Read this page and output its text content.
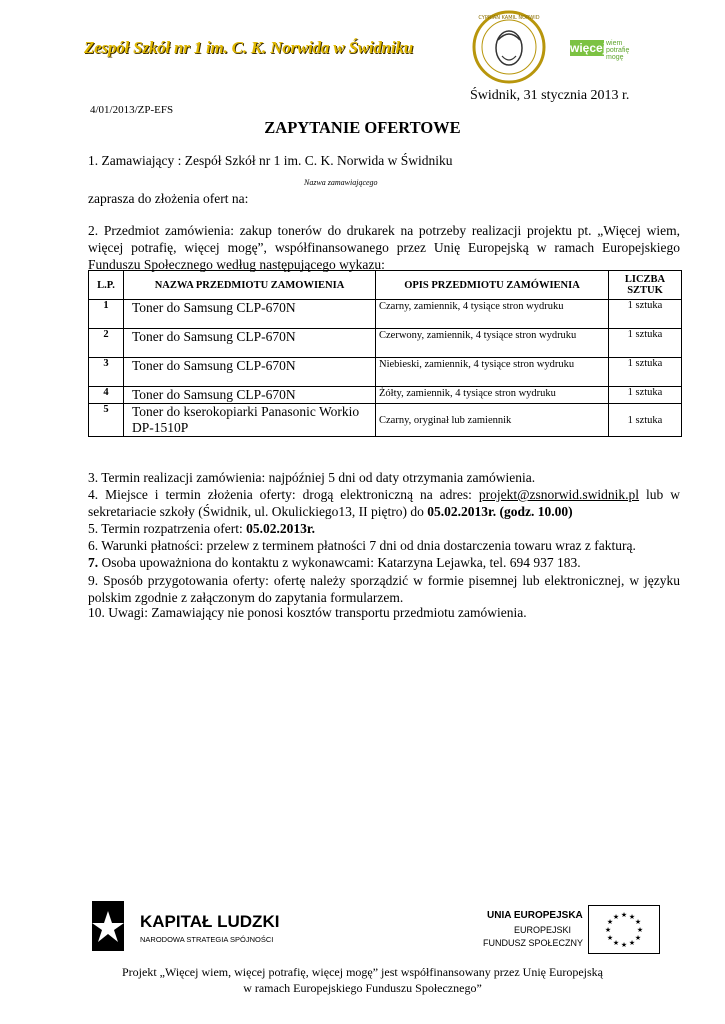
Zespół Szkół nr 1 im. C. K. Norwida w Świdniku
CYPRIAN KAMIL NORWID
więcej wiem
potrafię
mogę
Świdnik, 31 stycznia 2013 r.
4/01/2013/ZP-EFS
ZAPYTANIE OFERTOWE
1. Zamawiający : Zespół Szkół nr 1 im. C. K. Norwida w Świdniku
Nazwa zamawiającego
zaprasza do złożenia ofert na:
2. Przedmiot zamówienia: zakup tonerów do drukarek na potrzeby realizacji projektu pt. „Więcej wiem, więcej potrafię, więcej mogę”, współfinansowanego przez Unię Europejską w ramach Europejskiego Funduszu Społecznego według następującego wykazu:
L.P.	NAZWA PRZEDMIOTU ZAMOWIENIA	OPIS PRZEDMIOTU ZAMÓWIENIA	LICZBA SZTUK
1	Toner do Samsung CLP-670N	Czarny, zamiennik, 4 tysiące stron wydruku	1 sztuka
2	Toner do Samsung CLP-670N	Czerwony, zamiennik, 4 tysiące stron wydruku	1 sztuka
3	Toner do Samsung CLP-670N	Niebieski, zamiennik, 4 tysiące stron wydruku	1 sztuka
4	Toner do Samsung CLP-670N	Żółty, zamiennik, 4 tysiące stron wydruku	1 sztuka
5	Toner do kserokopiarki Panasonic Workio DP-1510P	Czarny, oryginał lub zamiennik	1 sztuka
3. Termin realizacji zamówienia: najpóźniej 5 dni od daty otrzymania zamówienia.
4. Miejsce i termin złożenia oferty: drogą elektroniczną na adres: projekt@zsnorwid.swidnik.pl lub w sekretariacie szkoły (Świdnik, ul. Okulickiego13, II piętro) do 05.02.2013r. (godz. 10.00)
5. Termin rozpatrzenia ofert: 05.02.2013r.
6. Warunki płatności: przelew z terminem płatności 7 dni od dnia dostarczenia towaru wraz z fakturą.
7. Osoba upoważniona do kontaktu z wykonawcami: Katarzyna Lejawka, tel. 694 937 183.
9. Sposób przygotowania oferty: ofertę należy sporządzić w formie pisemnej lub elektronicznej, w języku polskim zgodnie z załączonym do zapytania formularzem.
10. Uwagi: Zamawiający nie ponosi kosztów transportu przedmiotu zamówienia.
KAPITAŁ LUDZKI
NARODOWA STRATEGIA SPÓJNOŚCI
UNIA EUROPEJSKA
EUROPEJSKI
FUNDUSZ SPOŁECZNY
★ ★
★
★
★
★
★
★
★
★
★
★
Projekt „Więcej wiem, więcej potrafię, więcej mogę” jest współfinansowany przez Unię Europejską
w ramach Europejskiego Funduszu Społecznego”
